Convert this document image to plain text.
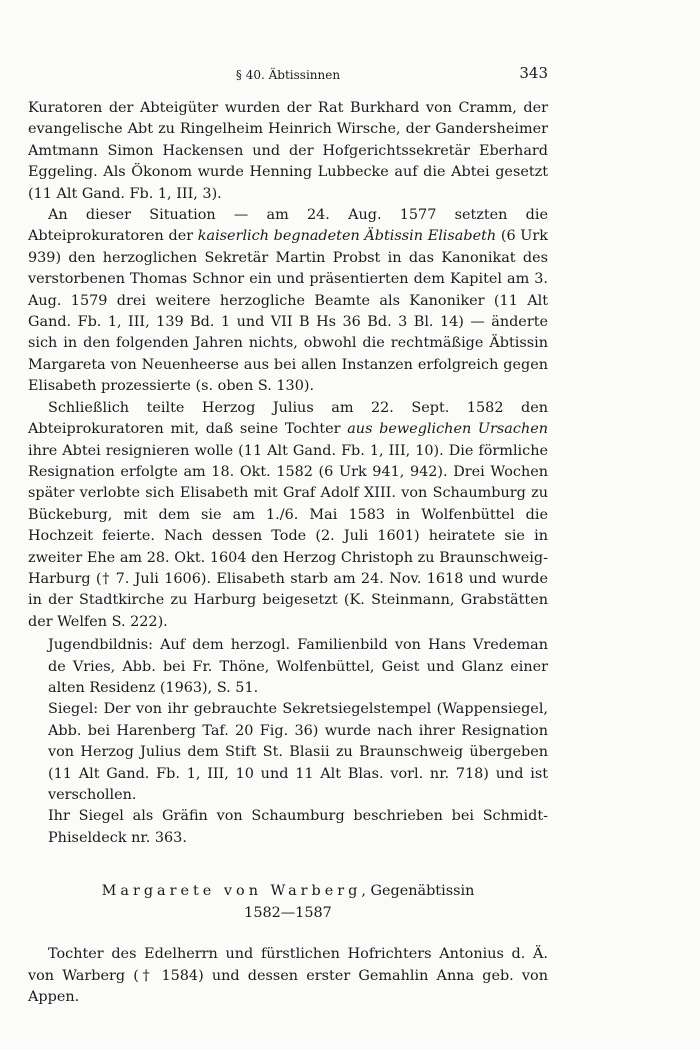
§ 40. Äbtissinnen	343

Kuratoren der Abteigüter wurden der Rat Burkhard von Cramm, der evangelische Abt zu Ringelheim Heinrich Wirsche, der Gandersheimer Amtmann Simon Hackensen und der Hofgerichtssekretär Eberhard Eggeling. Als Ökonom wurde Henning Lubbecke auf die Abtei gesetzt (11 Alt Gand. Fb. 1, III, 3).

An dieser Situation — am 24. Aug. 1577 setzten die Abteiprokuratoren der kaiserlich begnadeten Äbtissin Elisabeth (6 Urk 939) den herzoglichen Sekretär Martin Probst in das Kanonikat des verstorbenen Thomas Schnor ein und präsentierten dem Kapitel am 3. Aug. 1579 drei weitere herzogliche Beamte als Kanoniker (11 Alt Gand. Fb. 1, III, 139 Bd. 1 und VII B Hs 36 Bd. 3 Bl. 14) — änderte sich in den folgenden Jahren nichts, obwohl die rechtmäßige Äbtissin Margareta von Neuenheerse aus bei allen Instanzen erfolgreich gegen Elisabeth prozessierte (s. oben S. 130).

Schließlich teilte Herzog Julius am 22. Sept. 1582 den Abteiprokuratoren mit, daß seine Tochter aus beweglichen Ursachen ihre Abtei resignieren wolle (11 Alt Gand. Fb. 1, III, 10). Die förmliche Resignation erfolgte am 18. Okt. 1582 (6 Urk 941, 942). Drei Wochen später verlobte sich Elisabeth mit Graf Adolf XIII. von Schaumburg zu Bückeburg, mit dem sie am 1./6. Mai 1583 in Wolfenbüttel die Hochzeit feierte. Nach dessen Tode (2. Juli 1601) heiratete sie in zweiter Ehe am 28. Okt. 1604 den Herzog Christoph zu Braunschweig-Harburg († 7. Juli 1606). Elisabeth starb am 24. Nov. 1618 und wurde in der Stadtkirche zu Harburg beigesetzt (K. Steinmann, Grabstätten der Welfen S. 222).

Jugendbildnis: Auf dem herzogl. Familienbild von Hans Vredeman de Vries, Abb. bei Fr. Thöne, Wolfenbüttel, Geist und Glanz einer alten Residenz (1963), S. 51.

Siegel: Der von ihr gebrauchte Sekretsiegelstempel (Wappensiegel, Abb. bei Harenberg Taf. 20 Fig. 36) wurde nach ihrer Resignation von Herzog Julius dem Stift St. Blasii zu Braunschweig übergeben (11 Alt Gand. Fb. 1, III, 10 und 11 Alt Blas. vorl. nr. 718) und ist verschollen.

Ihr Siegel als Gräfin von Schaumburg beschrieben bei Schmidt-Phiseldeck nr. 363.

Margarete von Warberg, Gegenäbtissin
1582—1587

Tochter des Edelherrn und fürstlichen Hofrichters Antonius d. Ä. von Warberg († 1584) und dessen erster Gemahlin Anna geb. von Appen.
